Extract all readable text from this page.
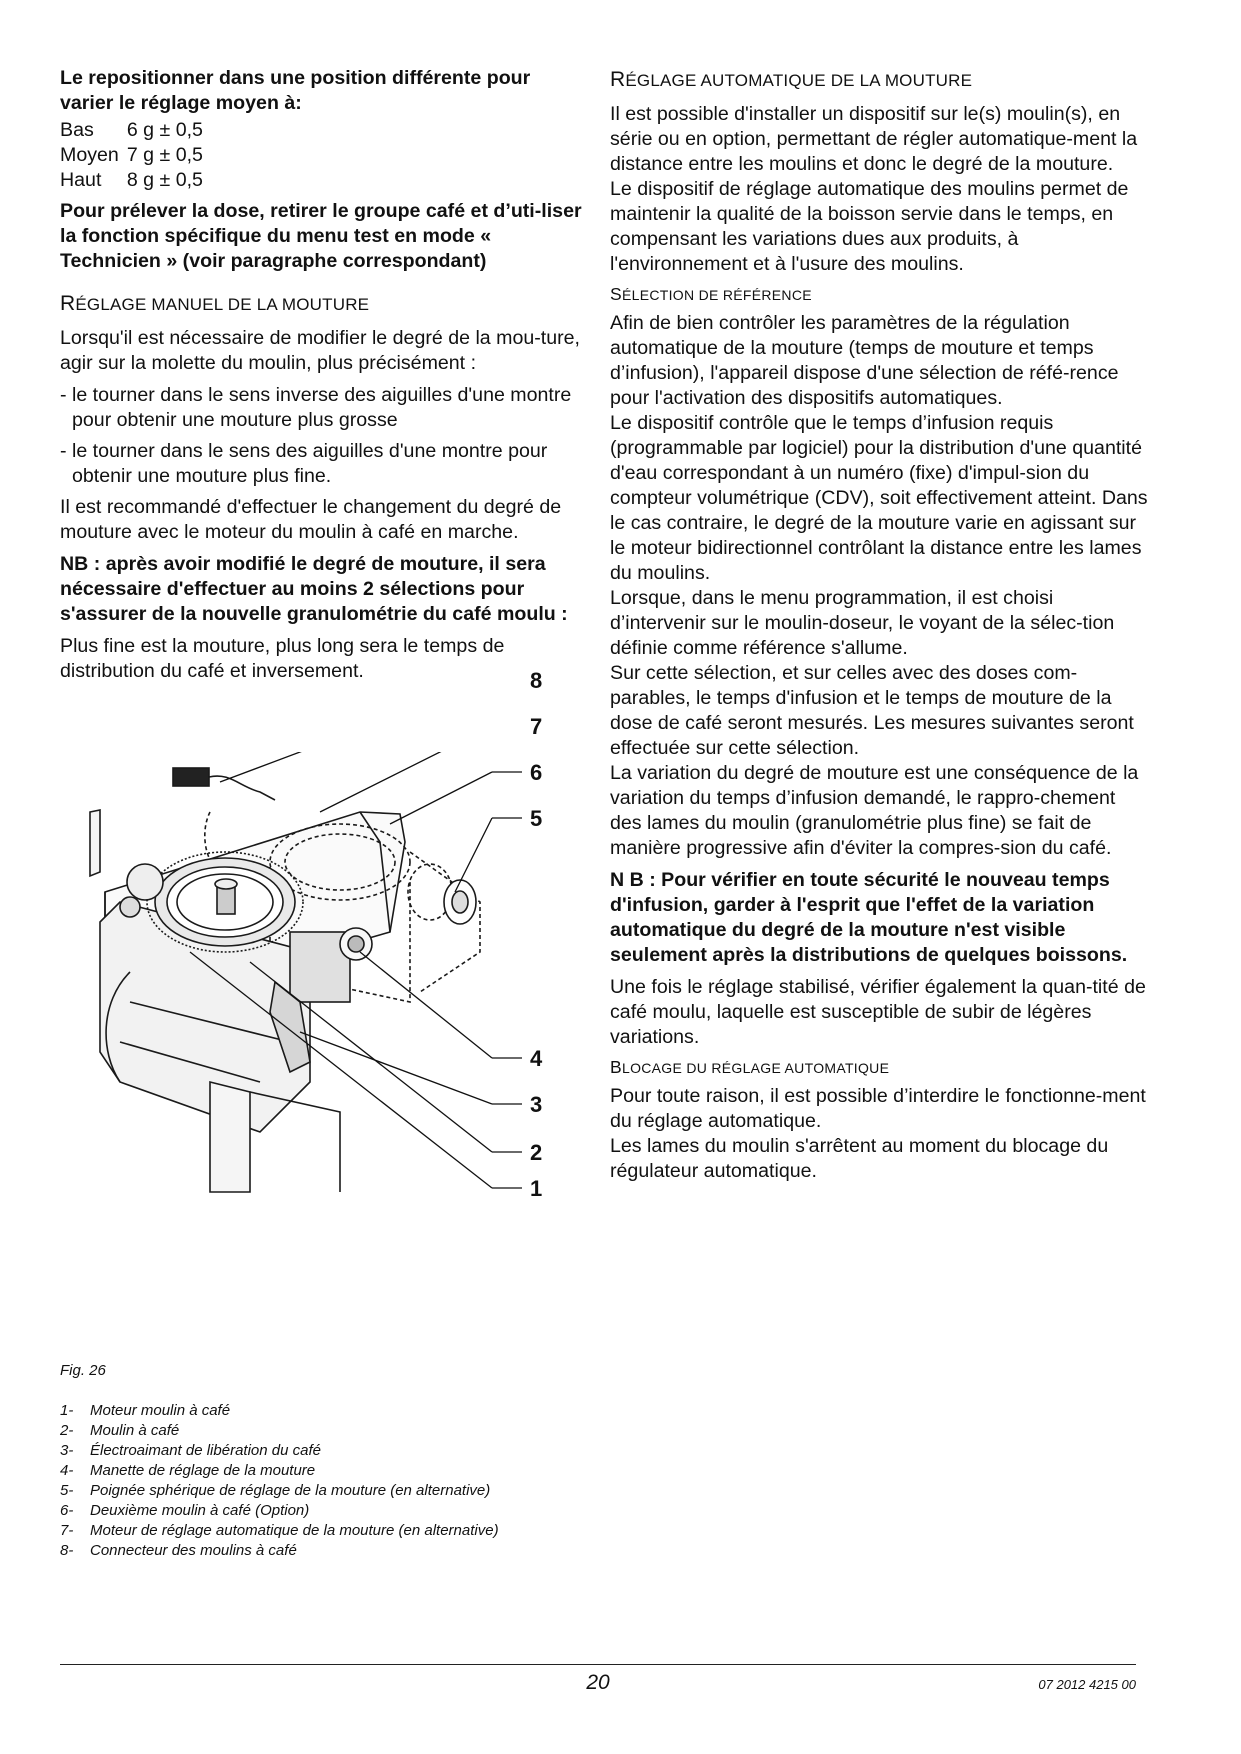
Le repositionner dans une position différente pour varier le réglage moyen à:

Bas	6 g ± 0,5
Moyen	7 g ± 0,5
Haut	8 g ± 0,5

Pour prélever la dose, retirer le groupe café et d’uti-liser la fonction spécifique du menu test en mode « Technicien » (voir paragraphe correspondant)

RÉGLAGE MANUEL DE LA MOUTURE

Lorsqu'il est nécessaire de modifier le degré de la mou-ture, agir sur la molette du moulin, plus précisément :

- le tourner dans le sens inverse des aiguilles d'une montre pour obtenir une mouture plus grosse
- le tourner dans le sens des aiguilles d'une montre pour obtenir une mouture plus fine.

Il est recommandé d'effectuer le changement du degré de mouture avec le moteur du moulin à café en marche.

NB : après avoir modifié le degré de mouture, il sera nécessaire d'effectuer au moins 2 sélections pour s'assurer de la nouvelle granulométrie du café moulu :

Plus fine est la mouture, plus long sera le temps de distribution du café et inversement.	8
7
6
5
4
3
2
1
Fig. 26
1-	Moteur moulin à café
2-	Moulin à café
3-	Électroaimant de libération du café
4-	Manette de réglage de la mouture
5-	Poignée sphérique de réglage de la mouture (en alternative)
6-	Deuxième moulin à café (Option)
7-	Moteur de réglage automatique de la mouture (en alternative)
8-	Connecteur des moulins à café
RÉGLAGE AUTOMATIQUE DE LA MOUTURE

Il est possible d'installer un dispositif sur le(s) moulin(s), en série ou en option, permettant de régler automatique-ment la distance entre les moulins et donc le degré de la mouture.

Le dispositif de réglage automatique des moulins permet de maintenir la qualité de la boisson servie dans le temps, en compensant les variations dues aux produits, à l'environnement et à l'usure des moulins.

SÉLECTION DE RÉFÉRENCE

Afin de bien contrôler les paramètres de la régulation automatique de la mouture (temps de mouture et temps d’infusion), l'appareil dispose d'une sélection de réfé-rence pour l'activation des dispositifs automatiques.

Le dispositif contrôle que le temps d’infusion requis (programmable par logiciel) pour la distribution d'une quantité d'eau correspondant à un numéro (fixe) d'impul-sion du compteur volumétrique (CDV), soit effectivement atteint. Dans le cas contraire, le degré de la mouture varie en agissant sur le moteur bidirectionnel contrôlant la distance entre les lames du moulins.

Lorsque, dans le menu programmation, il est choisi d’intervenir sur le moulin-doseur, le voyant de la sélec-tion définie comme référence s'allume.

Sur cette sélection, et sur celles avec des doses com-parables, le temps d'infusion et le temps de mouture de la dose de café seront mesurés. Les mesures suivantes seront effectuée sur cette sélection.

La variation du degré de mouture est une conséquence de la variation du temps d’infusion demandé, le rappro-chement des lames du moulin (granulométrie plus fine) se fait de manière progressive afin d'éviter la compres-sion du café.

N B : Pour vérifier en toute sécurité le nouveau temps d'infusion, garder à l'esprit que l'effet de la variation automatique du degré de la mouture n'est visible seulement après la distributions de quelques boissons.

Une fois le réglage stabilisé, vérifier également la quan-tité de café moulu, laquelle est susceptible de subir de légères variations.

BLOCAGE DU RÉGLAGE AUTOMATIQUE

Pour toute raison, il est possible d’interdire le fonctionne-ment du réglage automatique.

Les lames du moulin s'arrêtent au moment du blocage du régulateur automatique.

20	07 2012 4215 00
